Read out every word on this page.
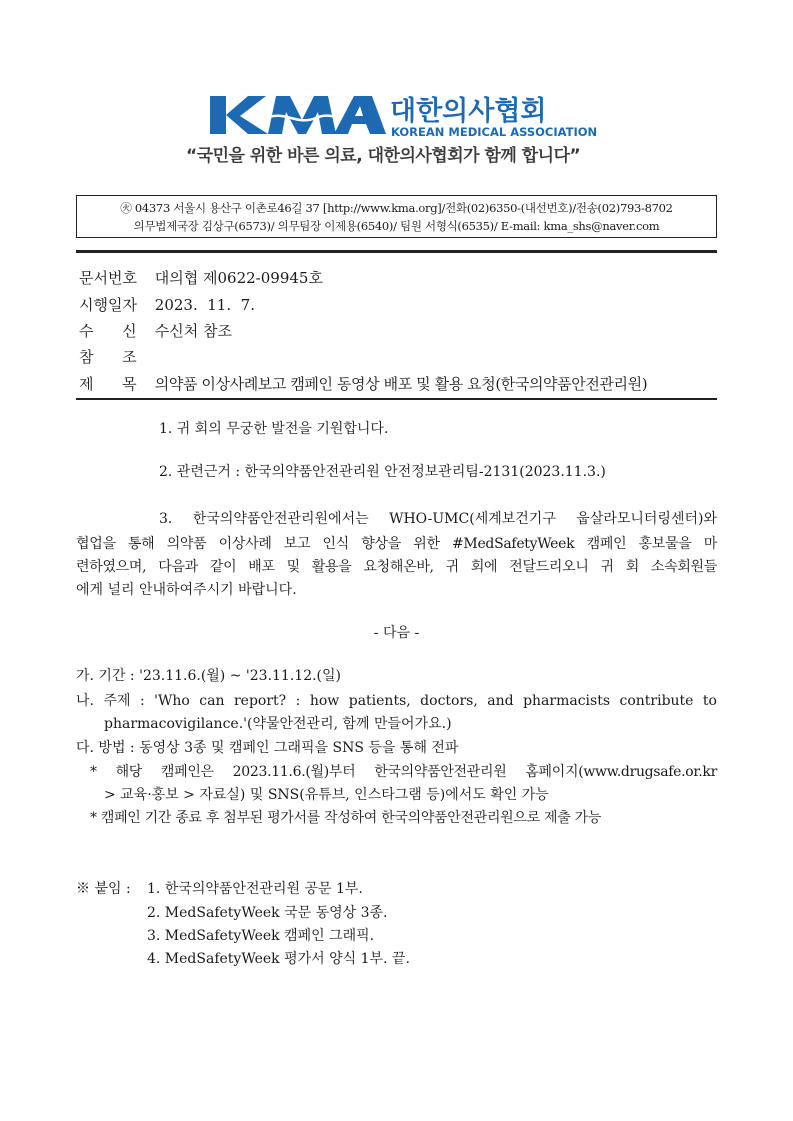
대한의사협회
KOREAN MEDICAL ASSOCIATION
“국민을 위한 바른 의료, 대한의사협회가 함께 합니다”
㊋ 04373 서울시 용산구 이촌로46길 37 [http://www.kma.org]/전화(02)6350-(내선번호)/전송(02)793-8702
의무법제국장 김상구(6573)/ 의무팀장 이제용(6540)/ 팀원 서형식(6535)/ E-mail: kma_shs@naver.com
문서번호 대의협 제0622-09945호
시행일자 2023.  11.  7.
수      신 수신처 참조
참      조
제      목 의약품 이상사례보고 캠페인 동영상 배포 및 활용 요청(한국의약품안전관리원)
1. 귀 회의 무궁한 발전을 기원합니다.
2. 관련근거 : 한국의약품안전관리원 안전정보관리팀-2131(2023.11.3.)
3. 한국의약품안전관리원에서는 WHO-UMC(세계보건기구 웁살라모니터링센터)와
협업을 통해 의약품 이상사례 보고 인식 향상을 위한 #MedSafetyWeek 캠페인 홍보물을 마
련하였으며, 다음과 같이 배포 및 활용을 요청해온바, 귀 회에 전달드리오니 귀 회 소속회원들
에게 널리 안내하여주시기 바랍니다.
- 다음 -
가. 기간 : '23.11.6.(월) ~ '23.11.12.(일)
나. 주제 : 'Who can report? : how patients, doctors, and pharmacists contribute to
pharmacovigilance.'(약물안전관리, 함께 만들어가요.)
다. 방법 : 동영상 3종 및 캠페인 그래픽을 SNS 등을 통해 전파
* 해당 캠페인은 2023.11.6.(월)부터 한국의약품안전관리원 홈페이지(www.drugsafe.or.kr
> 교육·홍보 > 자료실) 및 SNS(유튜브, 인스타그램 등)에서도 확인 가능
* 캠페인 기간 종료 후 첨부된 평가서를 작성하여 한국의약품안전관리원으로 제출 가능
※ 붙임 : 1. 한국의약품안전관리원 공문 1부.
2. MedSafetyWeek 국문 동영상 3종.
3. MedSafetyWeek 캠페인 그래픽.
4. MedSafetyWeek 평가서 양식 1부. 끝.
